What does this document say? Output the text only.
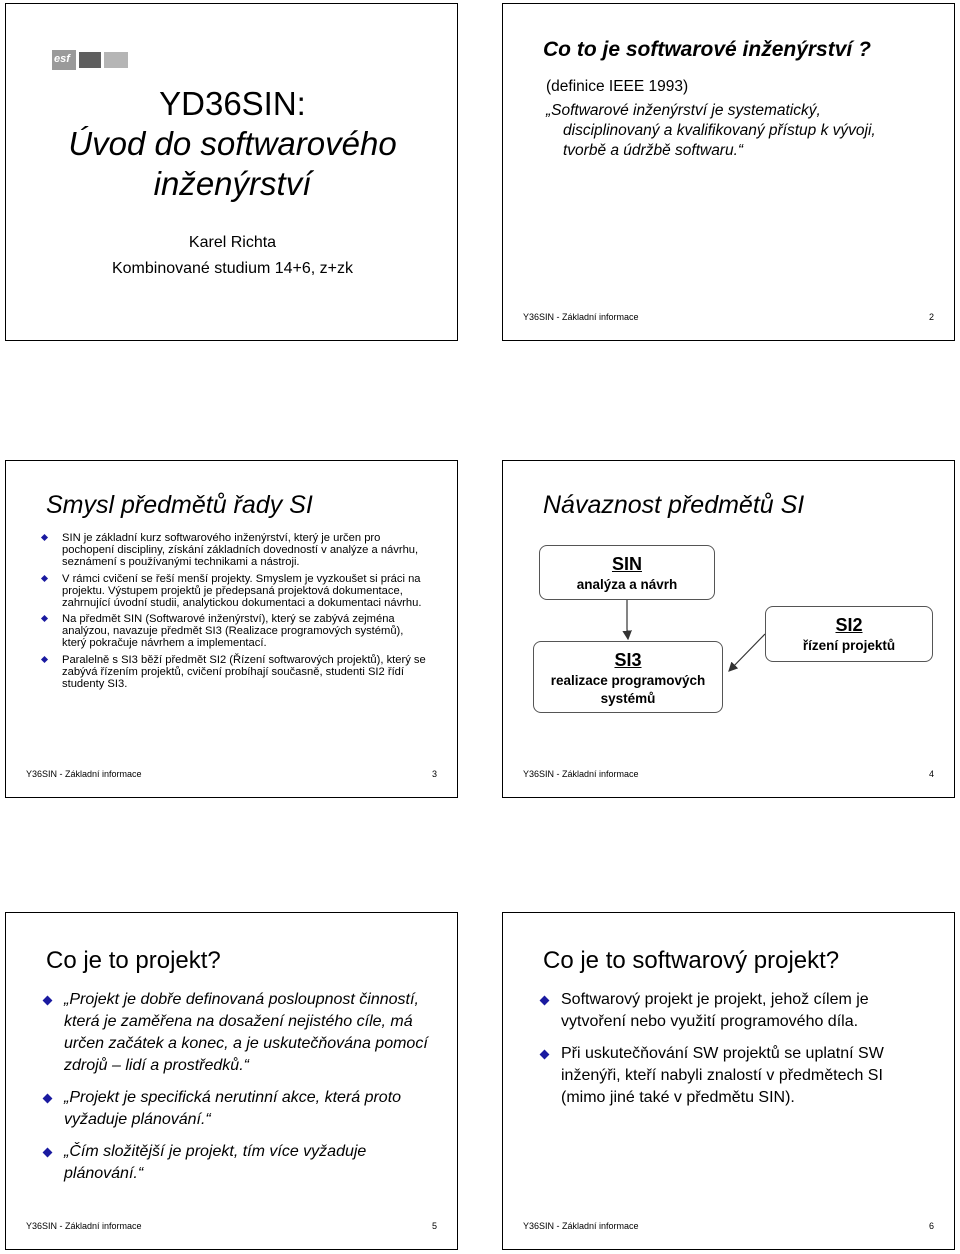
esf
YD36SIN:
Úvod do softwarového
inženýrství
Karel Richta
Kombinované studium 14+6, z+zk
Co to je softwarové inženýrství ?
(definice IEEE 1993)
„Softwarové inženýrství je systematický,
disciplinovaný a kvalifikovaný přístup k vývoji,
tvorbě a údržbě softwaru.“
Y36SIN - Základní informace	2
Smysl předmětů řady SI
SIN je základní kurz softwarového inženýrství, který je určen pro pochopení discipliny, získání základních dovedností v analýze a návrhu, seznámení s používanými technikami a nástroji.
V rámci cvičení se řeší menší projekty. Smyslem je vyzkoušet si práci na projektu. Výstupem projektů je předepsaná projektová dokumentace, zahrnující úvodní studii, analytickou dokumentaci a dokumentaci návrhu.
Na předmět SIN (Softwarové inženýrství), který se zabývá zejména analýzou, navazuje předmět SI3 (Realizace programových systémů), který pokračuje návrhem a implementací.
Paralelně s SI3 běží předmět SI2 (Řízení softwarových projektů), který se zabývá řízením projektů, cvičení probíhají současně, studenti SI2 řídí studenty SI3.
Y36SIN - Základní informace	3
Návaznost předmětů SI
SIN
analýza a návrh
SI3
realizace programových
systémů
SI2
řízení projektů
Y36SIN - Základní informace	4
Co je to projekt?
„Projekt je dobře definovaná posloupnost činností, která je zaměřena na dosažení nejistého cíle, má určen začátek a konec, a je uskutečňována pomocí zdrojů – lidí a prostředků.“
„Projekt je specifická nerutinní akce, která proto vyžaduje plánování.“
„Čím složitější je projekt, tím více vyžaduje plánování.“
Y36SIN - Základní informace	5
Co je to softwarový projekt?
Softwarový projekt je projekt, jehož cílem je vytvoření nebo využití programového díla.
Při uskutečňování SW projektů se uplatní SW inženýři, kteří nabyli znalostí v předmětech SI (mimo jiné také v předmětu SIN).
Y36SIN - Základní informace	6
